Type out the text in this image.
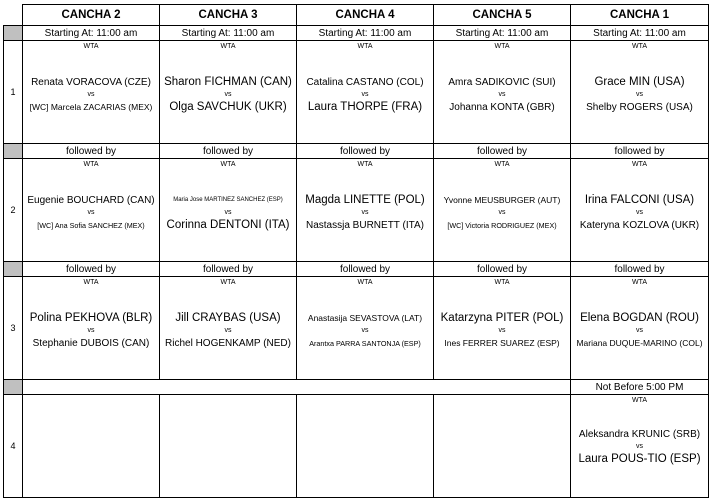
	CANCHA 2	CANCHA 3	CANCHA 4	CANCHA 5	CANCHA 1
	Starting At: 11:00 am	Starting At: 11:00 am	Starting At: 11:00 am	Starting At: 11:00 am	Starting At: 11:00 am
1	WTA
Renata VORACOVA (CZE)
vs
[WC] Marcela ZACARIAS (MEX)	WTA
Sharon FICHMAN (CAN)
vs
Olga SAVCHUK (UKR)	WTA
Catalina CASTANO (COL)
vs
Laura THORPE (FRA)	WTA
Amra SADIKOVIC (SUI)
vs
Johanna KONTA (GBR)	WTA
Grace MIN (USA)
vs
Shelby ROGERS (USA)

	followed by	followed by	followed by	followed by	followed by
2	WTA
Eugenie BOUCHARD (CAN)
vs
[WC] Ana Sofia SANCHEZ (MEX)	WTA
Maria Jose MARTINEZ SANCHEZ (ESP)
vs
Corinna DENTONI (ITA)	WTA
Magda LINETTE (POL)
vs
Nastassja BURNETT (ITA)	WTA
Yvonne MEUSBURGER (AUT)
vs
[WC] Victoria RODRIGUEZ (MEX)	WTA
Irina FALCONI (USA)
vs
Kateryna KOZLOVA (UKR)

	followed by	followed by	followed by	followed by	followed by
3	WTA
Polina PEKHOVA (BLR)
vs
Stephanie DUBOIS (CAN)	WTA
Jill CRAYBAS (USA)
vs
Richel HOGENKAMP (NED)	WTA
Anastasija SEVASTOVA (LAT)
vs
Arantxa PARRA SANTONJA (ESP)	WTA
Katarzyna PITER (POL)
vs
Ines FERRER SUAREZ (ESP)	WTA
Elena BOGDAN (ROU)
vs
Mariana DUQUE-MARINO (COL)

					Not Before 5:00 PM
4					WTA
Aleksandra KRUNIC (SRB)
vs
Laura POUS-TIO (ESP)
